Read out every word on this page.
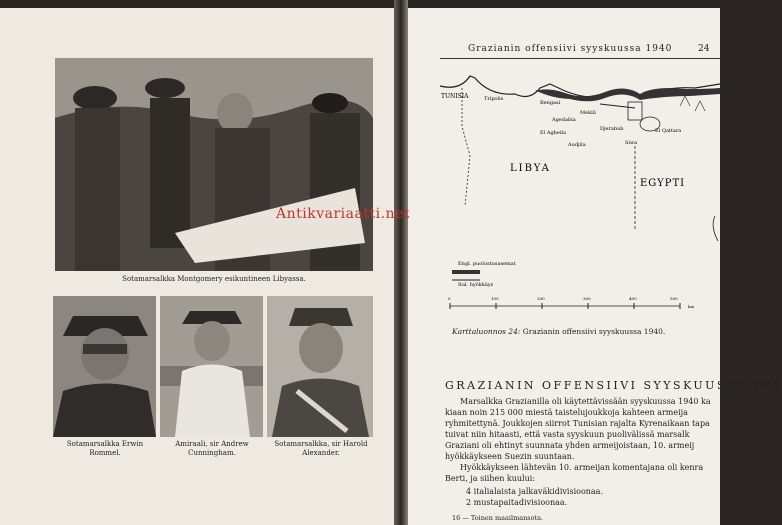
Sotamarsalkka Montgomery esikuntineen Libyassa.
Sotamarsalkka Erwin
Rommel.
Amiraali, sir Andrew
Cunningham.
Sotamarsalkka, sir Harold
Alexander.
Grazianin offensiivi syyskuussa 1940	24
TUNISIA	Tripolis
Bengasi
Agedabia
Mekili
El Agheila
Djerabub
Audjila	Siwa
El Qattara
LIBYA
EGYPTI
Engl. puolustusasemat
Ital. hyökkäys
0	100	200	300	400	500
km
Karttaluonnos 24: Grazianin offensiivi syyskuussa 1940.
Antikvariaatti.net
GRAZIANIN OFFENSIIVI SYYSKUUSSA 194
Marsalkka Grazianilla oli käytettävissään syyskuussa 1940 ka
kiaan noin 215 000 miestä taistelujoukkoja kahteen armeija
ryhmitettynä. Joukkojen siirrot Tunisian rajalta Kyrenaikaan tapa
tuivat niin hitaasti, että vasta syyskuun puolivälissä marsalk
Graziani oli ehtinyt suunnata yhden armeijoistaan, 10. armeij
hyökkäykseen Suezin suuntaan.
Hyökkäykseen lähtevän 10. armeijan komentajana oli kenra
Berti, ja siihen kuului:
4 italialaista jalkaväkidivisioonaa.
2 mustapaitadivisioonaa.
16 — Toinen maailmansota.
